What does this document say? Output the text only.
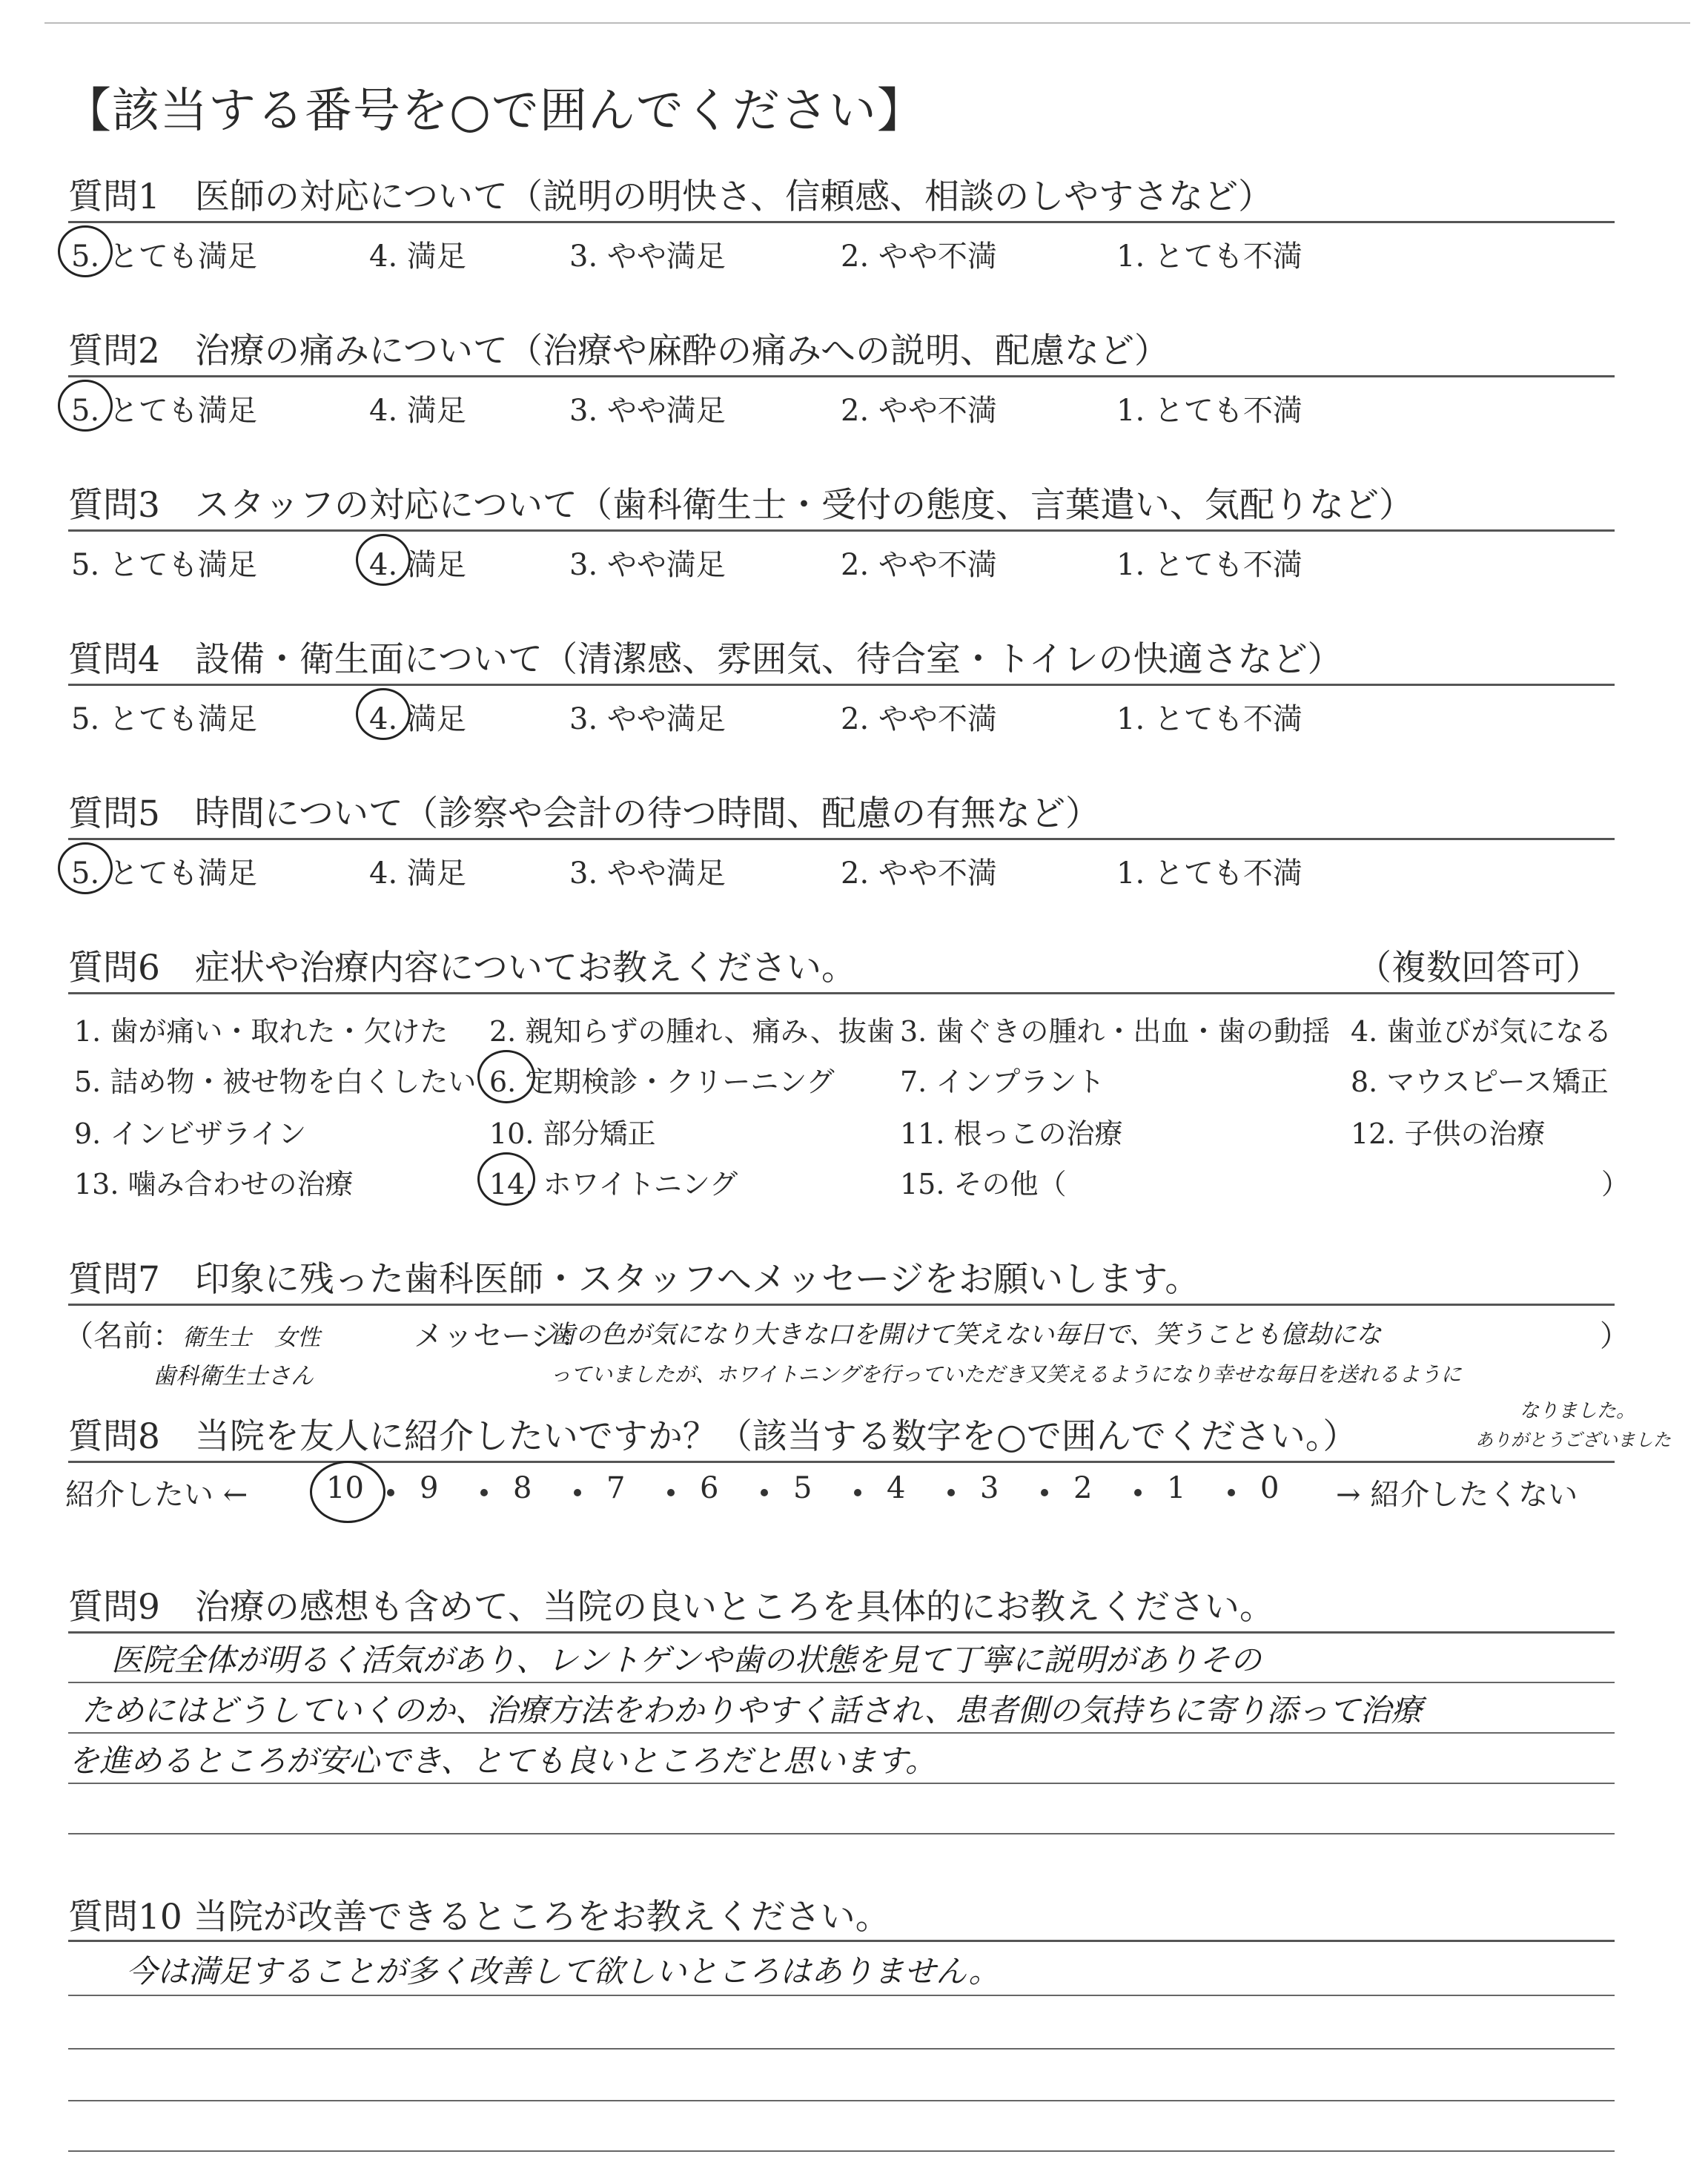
【該当する番号を○で囲んでください】
質問1　医師の対応について（説明の明快さ、信頼感、相談のしやすさなど）
5. とても満足	4. 満足	3. やや満足	2. やや不満	1. とても不満
質問2　治療の痛みについて（治療や麻酔の痛みへの説明、配慮など）
5. とても満足	4. 満足	3. やや満足	2. やや不満	1. とても不満
質問3　スタッフの対応について（歯科衛生士・受付の態度、言葉遣い、気配りなど）
5. とても満足	4. 満足	3. やや満足	2. やや不満	1. とても不満
質問4　設備・衛生面について（清潔感、雰囲気、待合室・トイレの快適さなど）
5. とても満足	4. 満足	3. やや満足	2. やや不満	1. とても不満
質問5　時間について（診察や会計の待つ時間、配慮の有無など）
5. とても満足	4. 満足	3. やや満足	2. やや不満	1. とても不満
質問6　症状や治療内容についてお教えください。	（複数回答可）
1. 歯が痛い・取れた・欠けた 2. 親知らずの腫れ、痛み、抜歯 3. 歯ぐきの腫れ・出血・歯の動揺 4. 歯並びが気になる
5. 詰め物・被せ物を白くしたい 6. 定期検診・クリーニング 7. インプラント	8. マウスピース矯正
9. インビザライン	10. 部分矯正	11. 根っこの治療	12. 子供の治療
13. 噛み合わせの治療	14. ホワイトニング	15. その他（	）
質問7　印象に残った歯科医師・スタッフへメッセージをお願いします。
（名前：	メッセージ：	）
衛生士　女性
歯科衛生士さん
歯の色が気になり大きな口を開けて笑えない毎日で、笑うことも億劫にな
っていましたが、ホワイトニングを行っていただき又笑えるようになり幸せな毎日を送れるように
なりました。
ありがとうございました
質問8　当院を友人に紹介したいですか？（該当する数字を○で囲んでください。）
紹介したい ←	→ 紹介したくない
10 9	8	7	6	5	4	3	2	1	0
質問9　治療の感想も含めて、当院の良いところを具体的にお教えください。
医院全体が明るく活気があり、レントゲンや歯の状態を見て丁寧に説明がありその
ためにはどうしていくのか、治療方法をわかりやすく話され、患者側の気持ちに寄り添って治療
を進めるところが安心でき、とても良いところだと思います。
質問10 当院が改善できるところをお教えください。
今は満足することが多く改善して欲しいところはありません。
